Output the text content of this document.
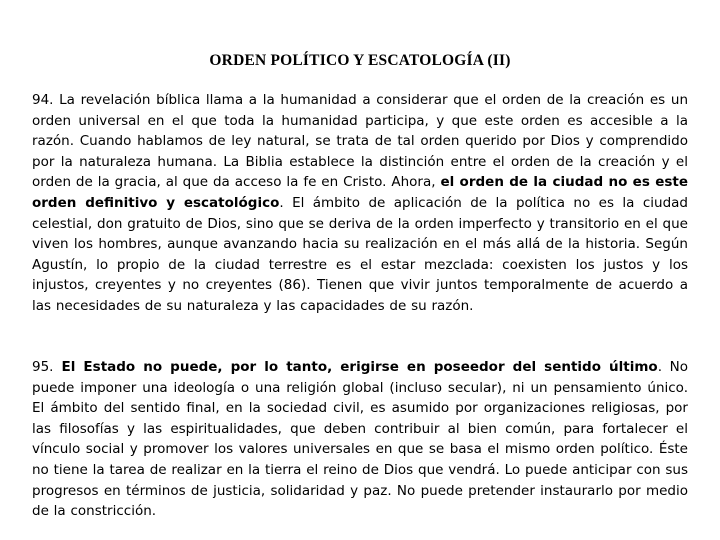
ORDEN POLÍTICO Y ESCATOLOGÍA (II)
94. La revelación bíblica llama a la humanidad a considerar que el orden de la creación es un orden universal en el que toda la humanidad participa, y que este orden es accesible a la razón. Cuando hablamos de ley natural, se trata de tal orden querido por Dios y comprendido por la naturaleza humana. La Biblia establece la distinción entre el orden de la creación y el orden de la gracia, al que da acceso la fe en Cristo. Ahora, el orden de la ciudad no es este orden definitivo y escatológico. El ámbito de aplicación de la política no es la ciudad celestial, don gratuito de Dios, sino que se deriva de la orden imperfecto y transitorio en el que viven los hombres, aunque avanzando hacia su realización en el más allá de la historia. Según Agustín, lo propio de la ciudad terrestre es el estar mezclada: coexisten los justos y los injustos, creyentes y no creyentes (86). Tienen que vivir juntos temporalmente de acuerdo a las necesidades de su naturaleza y las capacidades de su razón.
95. El Estado no puede, por lo tanto, erigirse en poseedor del sentido último. No puede imponer una ideología o una religión global (incluso secular), ni un pensamiento único. El ámbito del sentido final, en la sociedad civil, es asumido por organizaciones religiosas, por las filosofías y las espiritualidades, que deben contribuir al bien común, para fortalecer el vínculo social y promover los valores universales en que se basa el mismo orden político. Éste no tiene la tarea de realizar en la tierra el reino de Dios que vendrá. Lo puede anticipar con sus progresos en términos de justicia, solidaridad y paz. No puede pretender instaurarlo por medio de la constricción.
